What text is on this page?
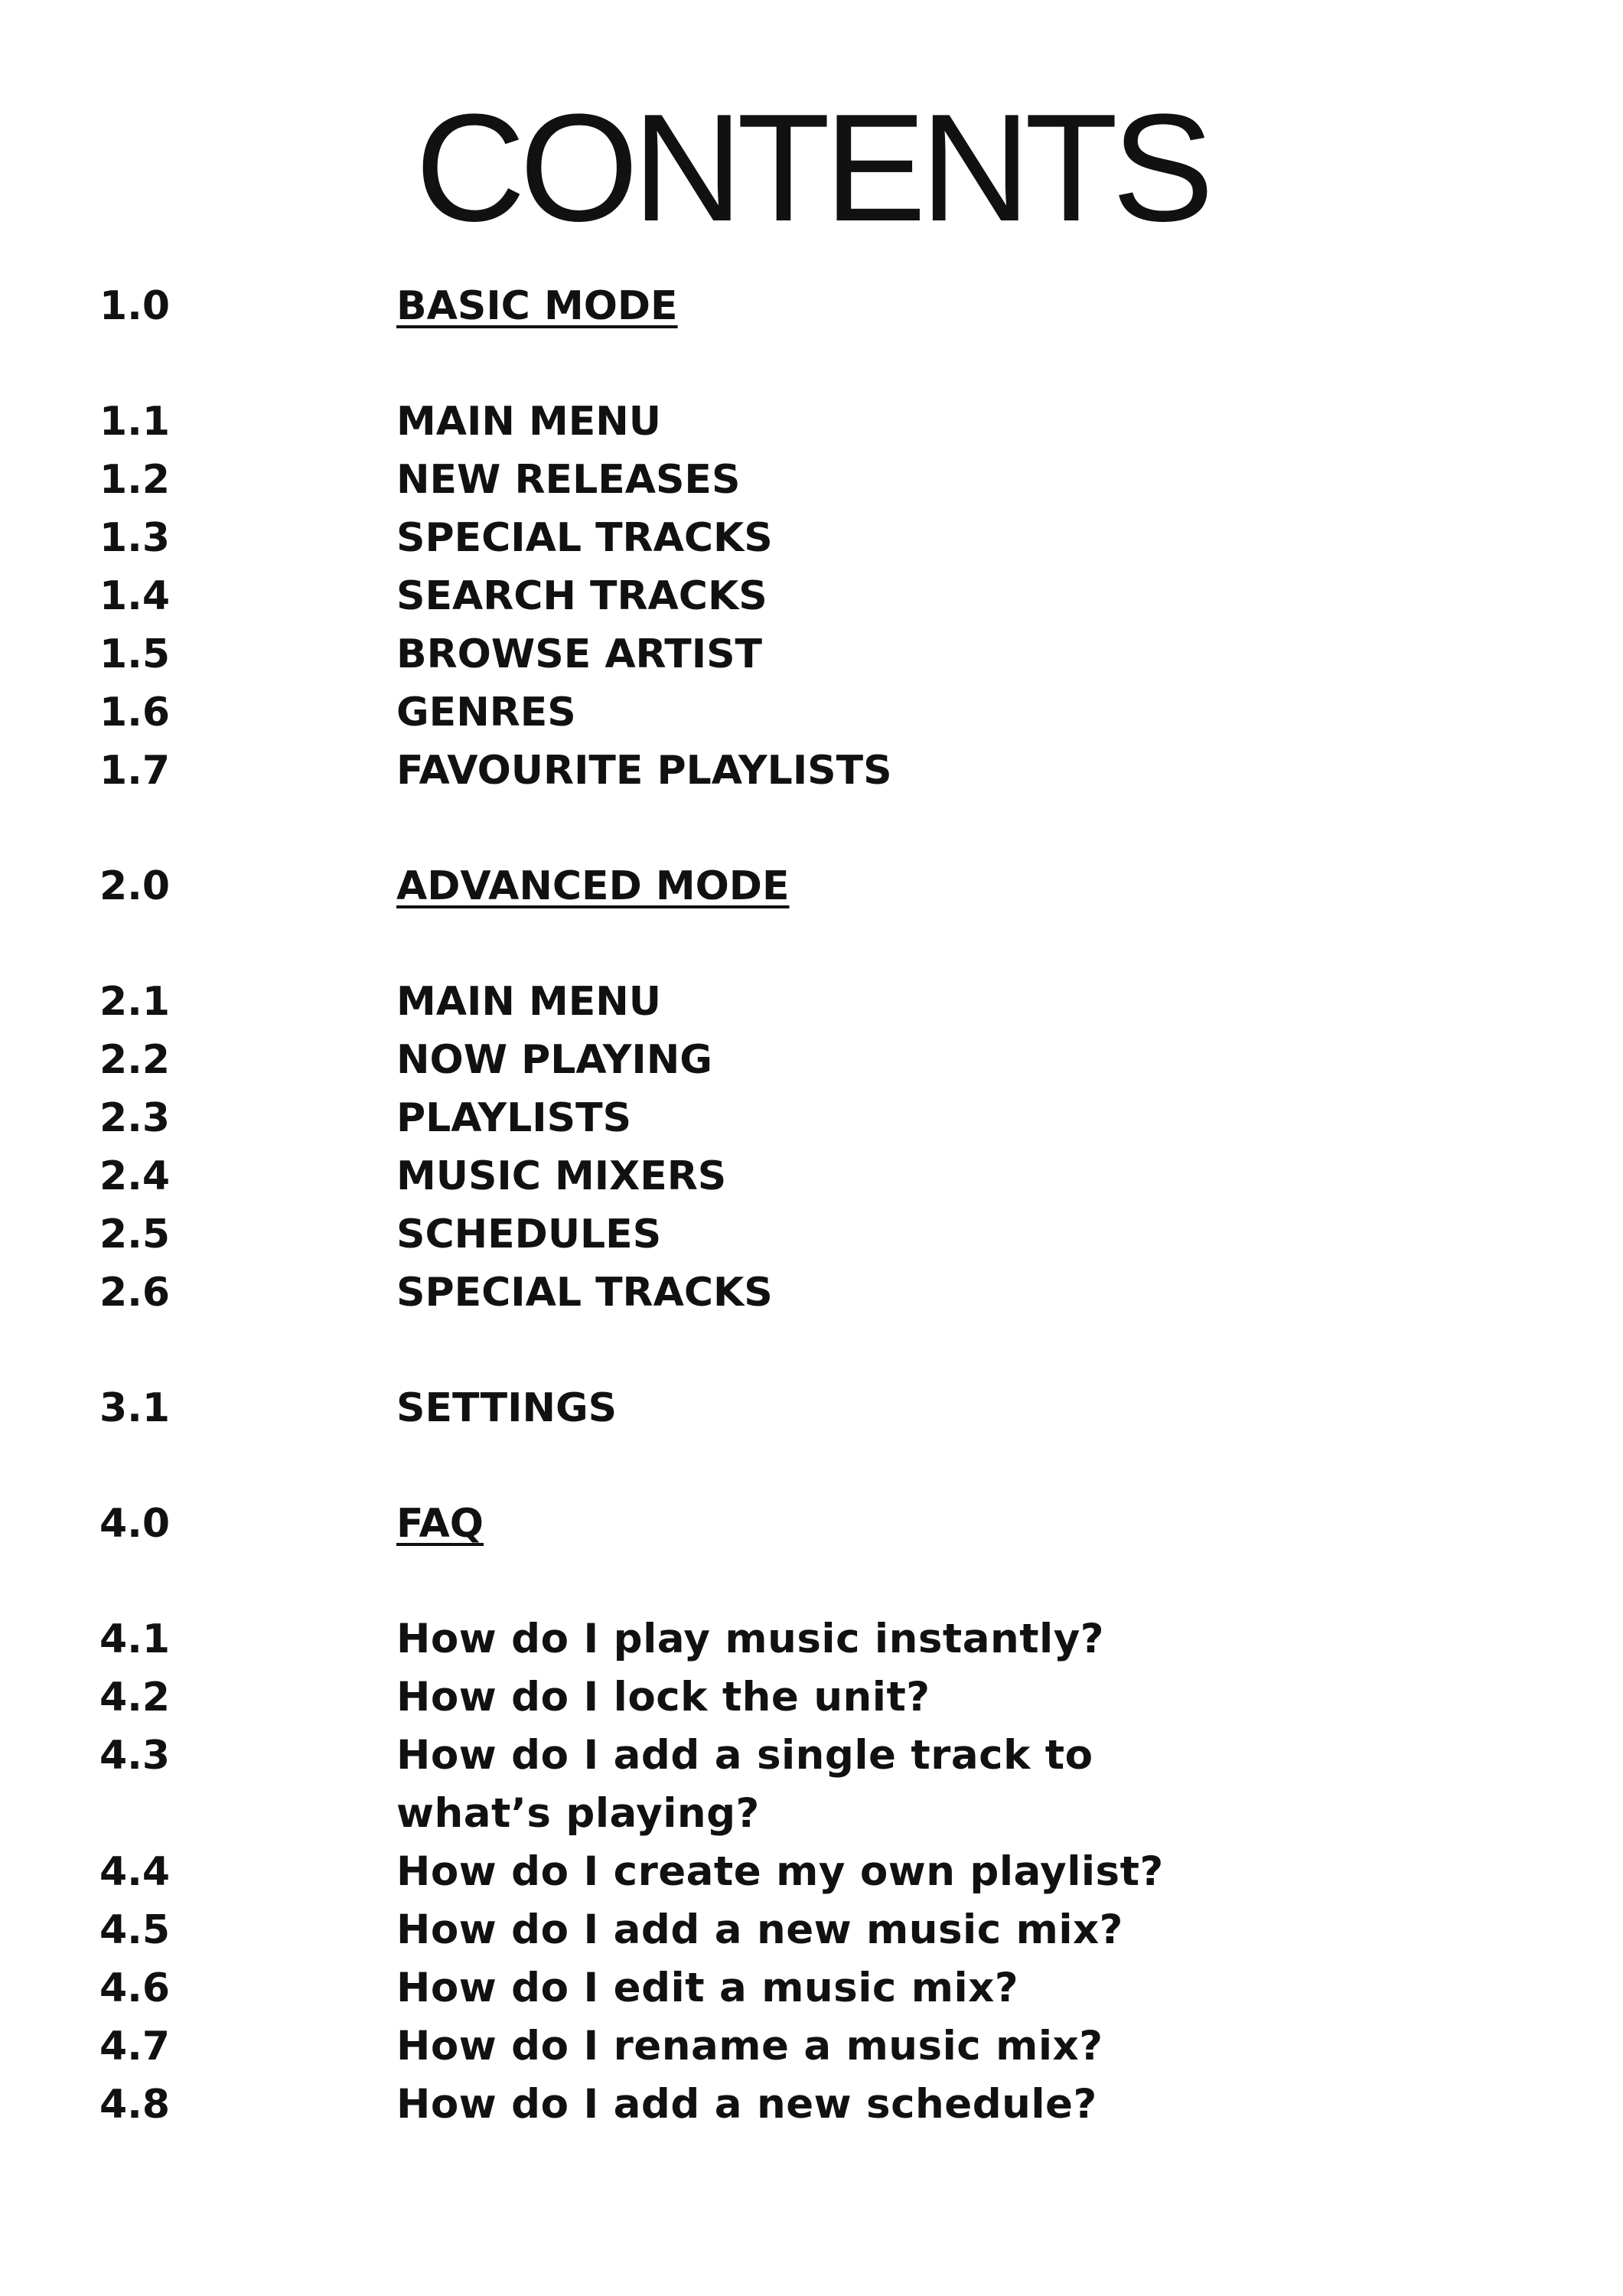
CONTENTS
1.0	BASIC MODE
1.1	MAIN MENU
1.2	NEW RELEASES
1.3	SPECIAL TRACKS
1.4	SEARCH TRACKS
1.5	BROWSE ARTIST
1.6	GENRES
1.7	FAVOURITE PLAYLISTS
2.0	ADVANCED MODE
2.1	MAIN MENU
2.2	NOW PLAYING
2.3	PLAYLISTS
2.4	MUSIC MIXERS
2.5	SCHEDULES
2.6	SPECIAL TRACKS
3.1	SETTINGS
4.0	FAQ
4.1	How do I play music instantly?
4.2	How do I lock the unit?
4.3	How do I add a single track to
what’s playing?
4.4	How do I create my own playlist?
4.5	How do I add a new music mix?
4.6	How do I edit a music mix?
4.7	How do I rename a music mix?
4.8	How do I add a new schedule?
